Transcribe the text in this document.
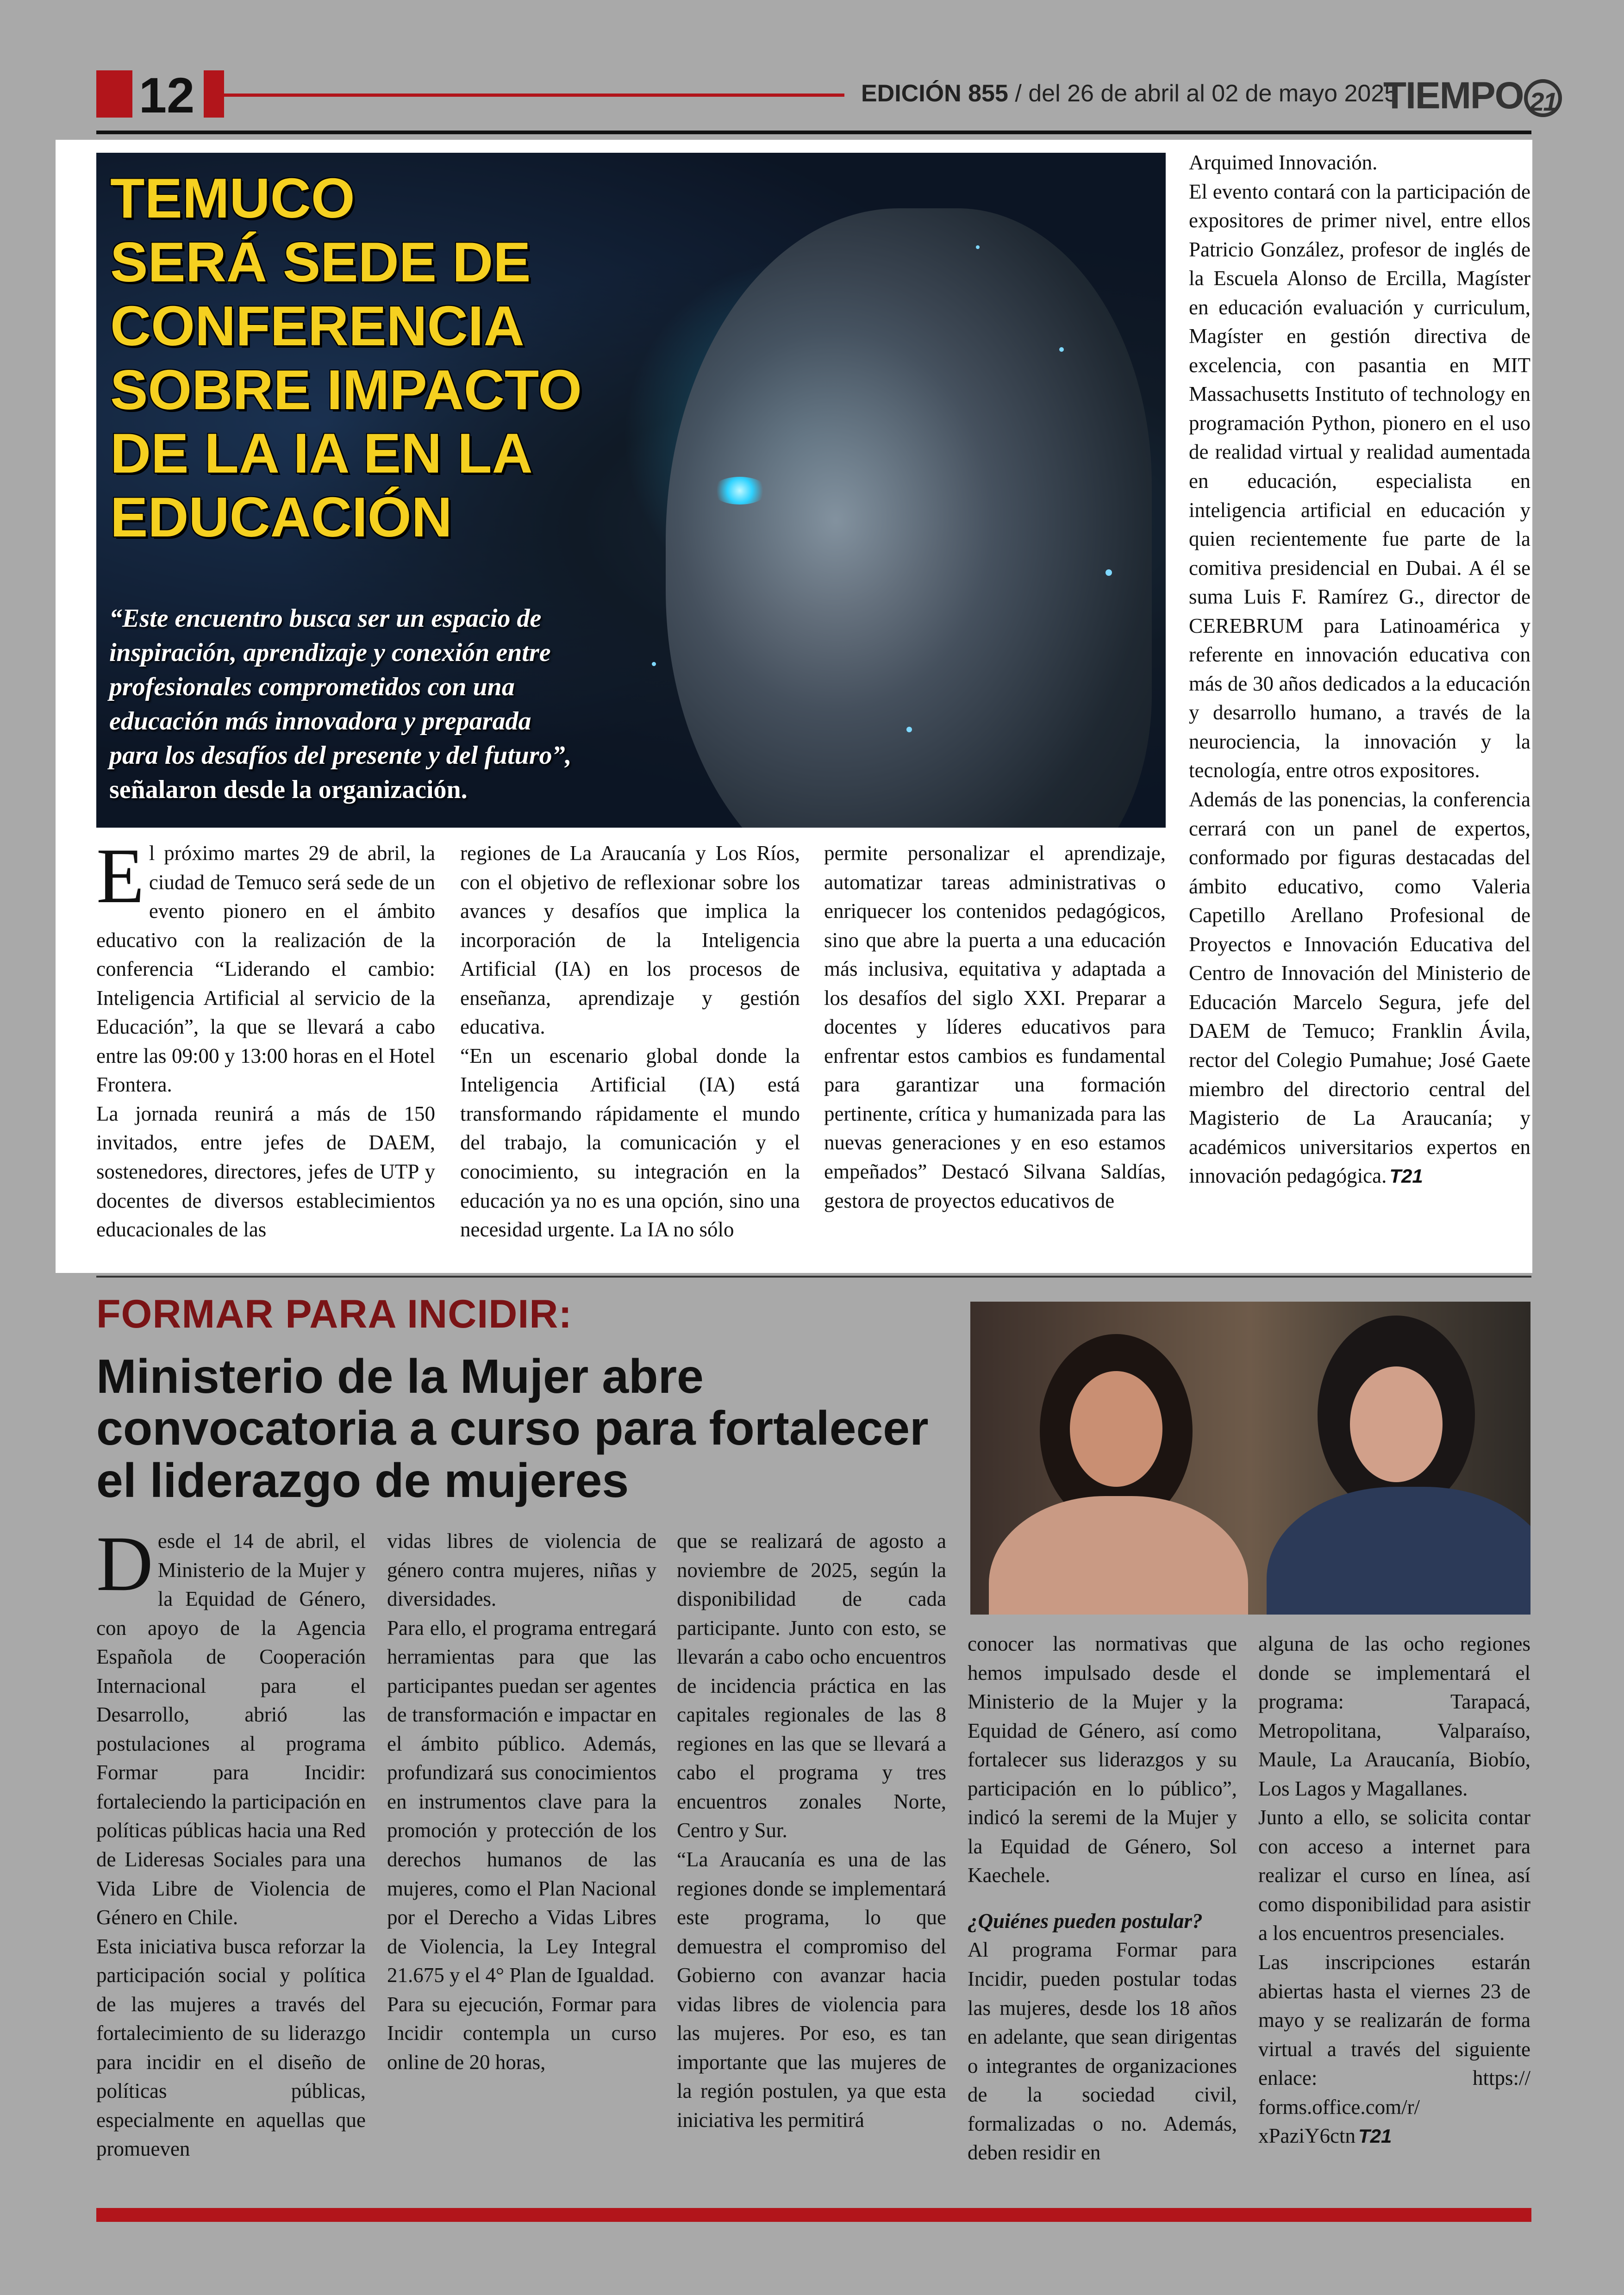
12	EDICIÓN 855 / del 26 de abril al 02 de mayo 2025
TIEMPO 21
TEMUCO
SERÁ SEDE DE
CONFERENCIA
SOBRE IMPACTO
DE LA IA EN LA
EDUCACIÓN
“Este encuentro busca ser un espacio de
inspiración, aprendizaje y conexión entre
profesionales comprometidos con una
educación más innovadora y preparada
para los desafíos del presente y del futuro”,
señalaron desde la organización.

El próximo martes 29 de abril, la ciudad de Temuco será sede de un evento pionero en el ámbito educativo con la realización de la conferencia “Liderando el cambio: Inteligencia Artificial al servicio de la Educación”, la que se llevará a cabo entre las 09:00 y 13:00 horas en el Hotel Frontera.

La jornada reunirá a más de 150 invitados, entre jefes de DAEM, sostenedores, directores, jefes de UTP y docentes de diversos establecimientos educacionales de las

regiones de La Araucanía y Los Ríos, con el objetivo de reflexionar sobre los avances y desafíos que implica la incorporación de la Inteligencia Artificial (IA) en los procesos de enseñanza, aprendizaje y gestión educativa.

“En un escenario global donde la Inteligencia Artificial (IA) está transformando rápidamente el mundo del trabajo, la comunicación y el conocimiento, su integración en la educación ya no es una opción, sino una necesidad urgente. La IA no sólo

permite personalizar el aprendizaje, automatizar tareas administrativas o enriquecer los contenidos pedagógicos, sino que abre la puerta a una educación más inclusiva, equitativa y adaptada a los desafíos del siglo XXI. Preparar a docentes y líderes educativos para enfrentar estos cambios es fundamental para garantizar una formación pertinente, crítica y humanizada para las nuevas generaciones y en eso estamos empeñados” Destacó Silvana Saldías, gestora de proyectos educativos de

Arquimed Innovación.

El evento contará con la participación de expositores de primer nivel, entre ellos Patricio González, profesor de inglés de la Escuela Alonso de Ercilla, Magíster en educación evaluación y curriculum, Magíster en gestión directiva de excelencia, con pasantia en MIT Massachusetts Instituto of technology en programación Python, pionero en el uso de realidad virtual y realidad aumentada en educación, especialista en inteligencia artificial en educación y quien recientemente fue parte de la comitiva presidencial en Dubai. A él se suma Luis F. Ramírez G., director de CEREBRUM para Latinoamérica y referente en innovación educativa con más de 30 años dedicados a la educación y desarrollo humano, a través de la neurociencia, la innovación y la tecnología, entre otros expositores.

Además de las ponencias, la conferencia cerrará con un panel de expertos, conformado por figuras destacadas del ámbito educativo, como Valeria Capetillo Arellano Profesional de Proyectos e Innovación Educativa del Centro de Innovación del Ministerio de Educación Marcelo Segura, jefe del DAEM de Temuco; Franklin Ávila, rector del Colegio Pumahue; José Gaete miembro del directorio central del Magisterio de La Araucanía; y académicos universitarios expertos en innovación pedagógica. T21

FORMAR PARA INCIDIR:
Ministerio de la Mujer abre
convocatoria a curso para fortalecer
el liderazgo de mujeres

Desde el 14 de abril, el Ministerio de la Mujer y la Equidad de Género, con apoyo de la Agencia Española de Cooperación Internacional para el Desarrollo, abrió las postulaciones al programa Formar para Incidir: fortaleciendo la participación en políticas públicas hacia una Red de Lideresas Sociales para una Vida Libre de Violencia de Género en Chile.

Esta iniciativa busca reforzar la participación social y política de las mujeres a través del fortalecimiento de su liderazgo para incidir en el diseño de políticas públicas, especialmente en aquellas que promueven

vidas libres de violencia de género contra mujeres, niñas y diversidades.

Para ello, el programa entregará herramientas para que las participantes puedan ser agentes de transformación e impactar en el ámbito público. Además, profundizará sus conocimientos en instrumentos clave para la promoción y protección de los derechos humanos de las mujeres, como el Plan Nacional por el Derecho a Vidas Libres de Violencia, la Ley Integral 21.675 y el 4° Plan de Igualdad.

Para su ejecución, Formar para Incidir contempla un curso online de 20 horas,

que se realizará de agosto a noviembre de 2025, según la disponibilidad de cada participante. Junto con esto, se llevarán a cabo ocho encuentros de incidencia práctica en las capitales regionales de las 8 regiones en las que se llevará a cabo el programa y tres encuentros zonales Norte, Centro y Sur.

“La Araucanía es una de las regiones donde se implementará este programa, lo que demuestra el compromiso del Gobierno con avanzar hacia vidas libres de violencia para las mujeres. Por eso, es tan importante que las mujeres de la región postulen, ya que esta iniciativa les permitirá

conocer las normativas que hemos impulsado desde el Ministerio de la Mujer y la Equidad de Género, así como fortalecer sus liderazgos y su participación en lo público”, indicó la seremi de la Mujer y la Equidad de Género, Sol Kaechele.

¿Quiénes pueden postular?

Al programa Formar para Incidir, pueden postular todas las mujeres, desde los 18 años en adelante, que sean dirigentas o integrantes de organizaciones de la sociedad civil, formalizadas o no. Además, deben residir en

alguna de las ocho regiones donde se implementará el programa: Tarapacá, Metropolitana, Valparaíso, Maule, La Araucanía, Biobío, Los Lagos y Magallanes.

Junto a ello, se solicita contar con acceso a internet para realizar el curso en línea, así como disponibilidad para asistir a los encuentros presenciales.

Las inscripciones estarán abiertas hasta el viernes 23 de mayo y se realizarán de forma virtual a través del siguiente enlace: https:// forms.office.com/r/ xPaziY6ctn T21
